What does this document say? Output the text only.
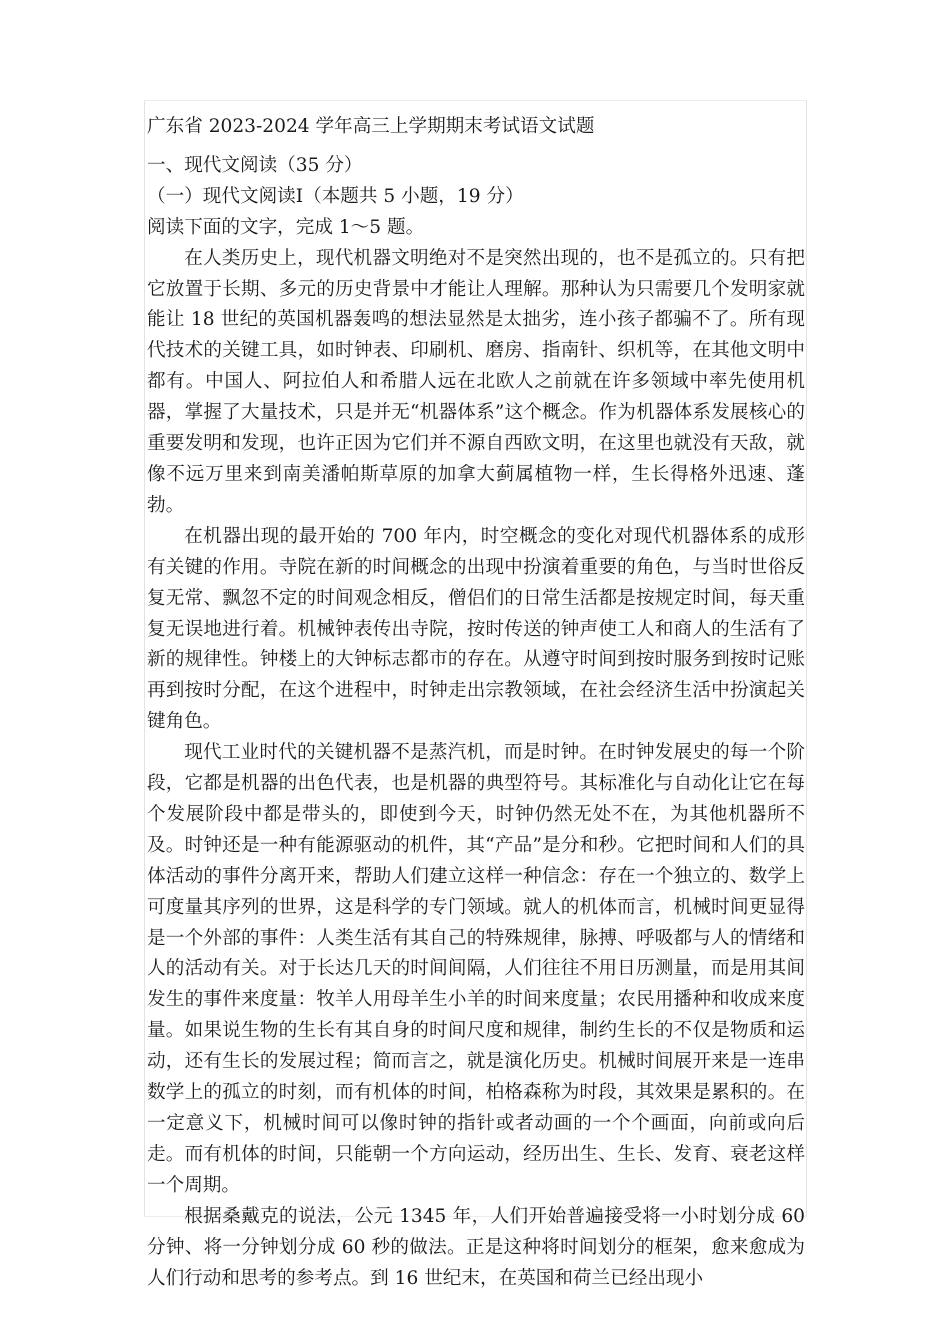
广东省 2023-2024 学年高三上学期期末考试语文试题

一、现代文阅读（35 分）

（一）现代文阅读Ⅰ（本题共 5 小题，19 分）

阅读下面的文字，完成 1～5 题。

在人类历史上，现代机器文明绝对不是突然出现的，也不是孤立的。只有把它放置于长期、多元的历史背景中才能让人理解。那种认为只需要几个发明家就能让 18 世纪的英国机器轰鸣的想法显然是太拙劣，连小孩子都骗不了。所有现代技术的关键工具，如时钟表、印刷机、磨房、指南针、织机等，在其他文明中都有。中国人、阿拉伯人和希腊人远在北欧人之前就在许多领域中率先使用机器，掌握了大量技术，只是并无“机器体系”这个概念。作为机器体系发展核心的重要发明和发现，也许正因为它们并不源自西欧文明，在这里也就没有天敌，就像不远万里来到南美潘帕斯草原的加拿大蓟属植物一样，生长得格外迅速、蓬勃。

在机器出现的最开始的 700 年内，时空概念的变化对现代机器体系的成形有关键的作用。寺院在新的时间概念的出现中扮演着重要的角色，与当时世俗反复无常、飘忽不定的时间观念相反，僧侣们的日常生活都是按规定时间，每天重复无误地进行着。机械钟表传出寺院，按时传送的钟声使工人和商人的生活有了新的规律性。钟楼上的大钟标志都市的存在。从遵守时间到按时服务到按时记账再到按时分配，在这个进程中，时钟走出宗教领域，在社会经济生活中扮演起关键角色。

现代工业时代的关键机器不是蒸汽机，而是时钟。在时钟发展史的每一个阶段，它都是机器的出色代表，也是机器的典型符号。其标准化与自动化让它在每个发展阶段中都是带头的，即使到今天，时钟仍然无处不在，为其他机器所不及。时钟还是一种有能源驱动的机件，其“产品”是分和秒。它把时间和人们的具体活动的事件分离开来，帮助人们建立这样一种信念：存在一个独立的、数学上可度量其序列的世界，这是科学的专门领域。就人的机体而言，机械时间更显得是一个外部的事件：人类生活有其自己的特殊规律，脉搏、呼吸都与人的情绪和人的活动有关。对于长达几天的时间间隔，人们往往不用日历测量，而是用其间发生的事件来度量：牧羊人用母羊生小羊的时间来度量；农民用播种和收成来度量。如果说生物的生长有其自身的时间尺度和规律，制约生长的不仅是物质和运动，还有生长的发展过程；简而言之，就是演化历史。机械时间展开来是一连串数学上的孤立的时刻，而有机体的时间，柏格森称为时段，其效果是累积的。在一定意义下，机械时间可以像时钟的指针或者动画的一个个画面，向前或向后走。而有机体的时间，只能朝一个方向运动，经历出生、生长、发育、衰老这样一个周期。

根据桑戴克的说法，公元 1345 年，人们开始普遍接受将一小时划分成 60 分钟、将一分钟划分成 60 秒的做法。正是这种将时间划分的框架，愈来愈成为人们行动和思考的参考点。到 16 世纪末，在英国和荷兰已经出现小
